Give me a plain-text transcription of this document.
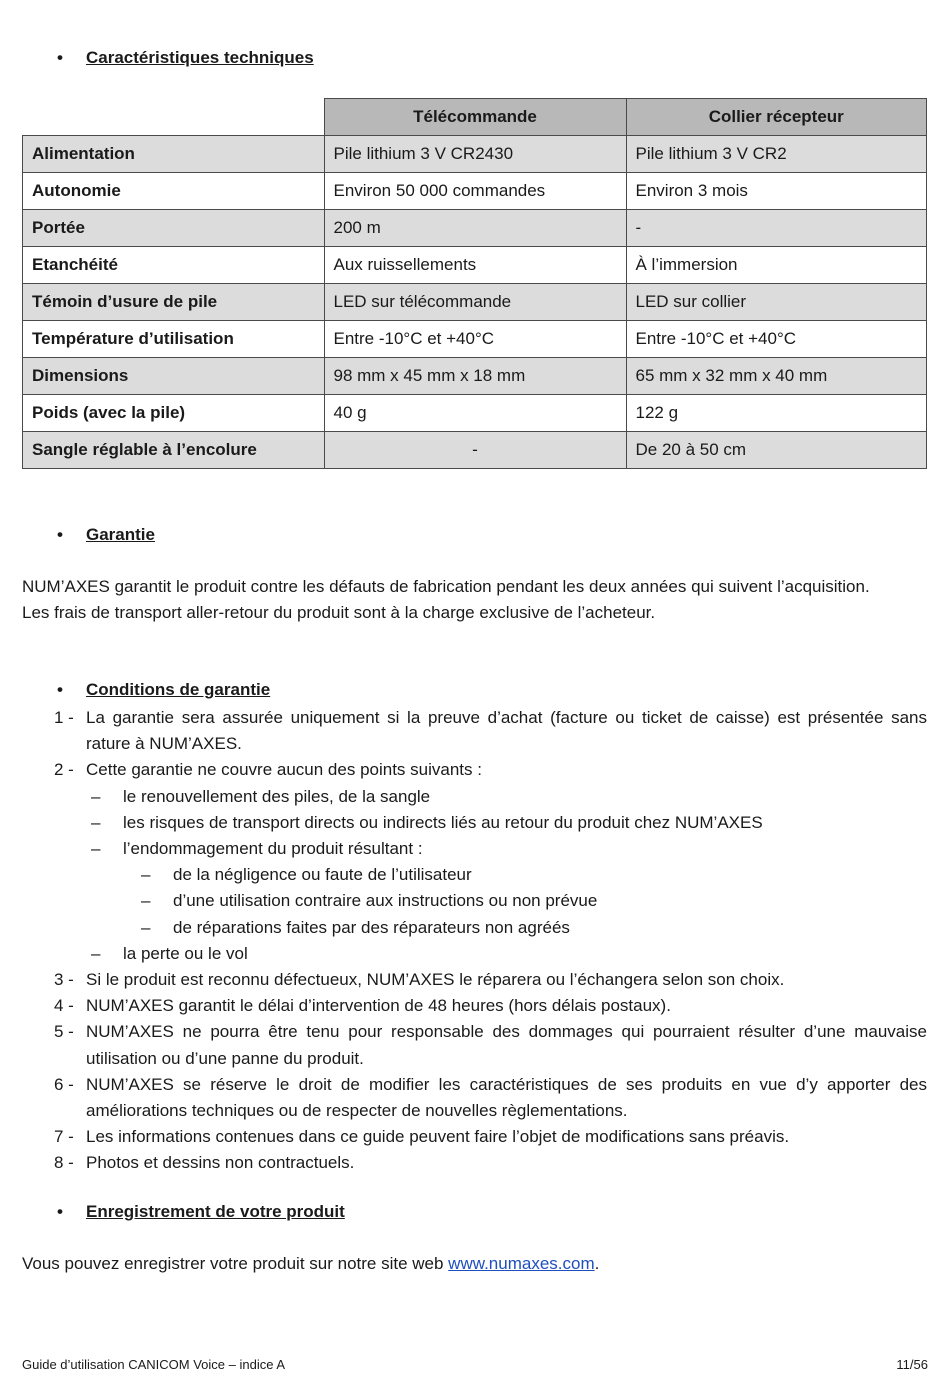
• Caractéristiques techniques
	Télécommande	Collier récepteur
Alimentation	Pile lithium 3 V CR2430	Pile lithium 3 V CR2
Autonomie	Environ 50 000 commandes	Environ 3 mois
Portée	200 m	-
Etanchéité	Aux ruissellements	À l’immersion
Témoin d’usure de pile	LED sur télécommande	LED sur collier
Température d’utilisation	Entre -10°C et +40°C	Entre -10°C et +40°C
Dimensions	98 mm x 45 mm x 18 mm	65 mm x 32 mm x 40 mm
Poids (avec la pile)	40 g	122 g
Sangle réglable à l’encolure	-	De 20 à 50 cm
• Garantie
NUM’AXES garantit le produit contre les défauts de fabrication pendant les deux années qui suivent l’acquisition.
Les frais de transport aller-retour du produit sont à la charge exclusive de l’acheteur.
• Conditions de garantie
1 - La garantie sera assurée uniquement si la preuve d’achat (facture ou ticket de caisse) est présentée sans rature à NUM’AXES.
2 - Cette garantie ne couvre aucun des points suivants :
– le renouvellement des piles, de la sangle
– les risques de transport directs ou indirects liés au retour du produit chez NUM’AXES
– l’endommagement du produit résultant :
– de la négligence ou faute de l’utilisateur
– d’une utilisation contraire aux instructions ou non prévue
– de réparations faites par des réparateurs non agréés
– la perte ou le vol
3 - Si le produit est reconnu défectueux, NUM’AXES le réparera ou l’échangera selon son choix.
4 - NUM’AXES garantit le délai d’intervention de 48 heures (hors délais postaux).
5 - NUM’AXES ne pourra être tenu pour responsable des dommages qui pourraient résulter d’une mauvaise utilisation ou d’une panne du produit.
6 - NUM’AXES se réserve le droit de modifier les caractéristiques de ses produits en vue d’y apporter des améliorations techniques ou de respecter de nouvelles règlementations.
7 - Les informations contenues dans ce guide peuvent faire l’objet de modifications sans préavis.
8 - Photos et dessins non contractuels.
• Enregistrement de votre produit
Vous pouvez enregistrer votre produit sur notre site web www.numaxes.com.
Guide d’utilisation CANICOM Voice – indice A	11/56
